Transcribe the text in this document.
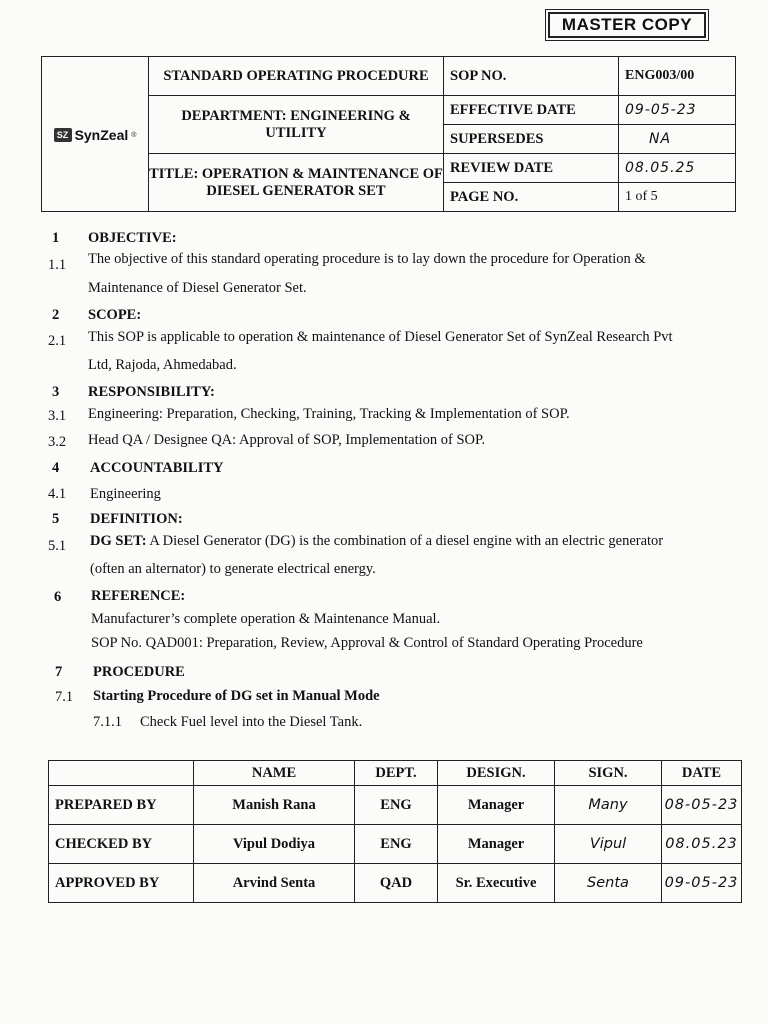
MASTER COPY
SZ SynZeal ®	STANDARD OPERATING PROCEDURE	SOP NO.	ENG003/00

	DEPARTMENT: ENGINEERING & UTILITY	EFFECTIVE DATE	09-05-23
		SUPERSEDES	NA
	TITLE: OPERATION & MAINTENANCE OF DIESEL GENERATOR SET	REVIEW DATE	08.05.25
		PAGE NO.	1 of 5
1 OBJECTIVE:
1.1 The objective of this standard operating procedure is to lay down the procedure for Operation &
Maintenance of Diesel Generator Set.
2 SCOPE:
2.1 This SOP is applicable to operation & maintenance of Diesel Generator Set of SynZeal Research Pvt
Ltd, Rajoda, Ahmedabad.
3 RESPONSIBILITY:
3.1 Engineering: Preparation, Checking, Training, Tracking & Implementation of SOP.
3.2 Head QA / Designee QA: Approval of SOP, Implementation of SOP.
4 ACCOUNTABILITY
4.1 Engineering
5 DEFINITION:
5.1 DG SET: A Diesel Generator (DG) is the combination of a diesel engine with an electric generator
(often an alternator) to generate electrical energy.
6 REFERENCE:
Manufacturer’s complete operation & Maintenance Manual.
SOP No. QAD001: Preparation, Review, Approval & Control of Standard Operating Procedure
7 PROCEDURE
7.1 Starting Procedure of DG set in Manual Mode
7.1.1 Check Fuel level into the Diesel Tank.
	NAME	DEPT.	DESIGN.	SIGN.	DATE
PREPARED BY	Manish Rana	ENG	Manager	Many	08-05-23
CHECKED BY	Vipul Dodiya	ENG	Manager	Vipul	08.05.23
APPROVED BY	Arvind Senta	QAD	Sr. Executive	Senta	09-05-23
